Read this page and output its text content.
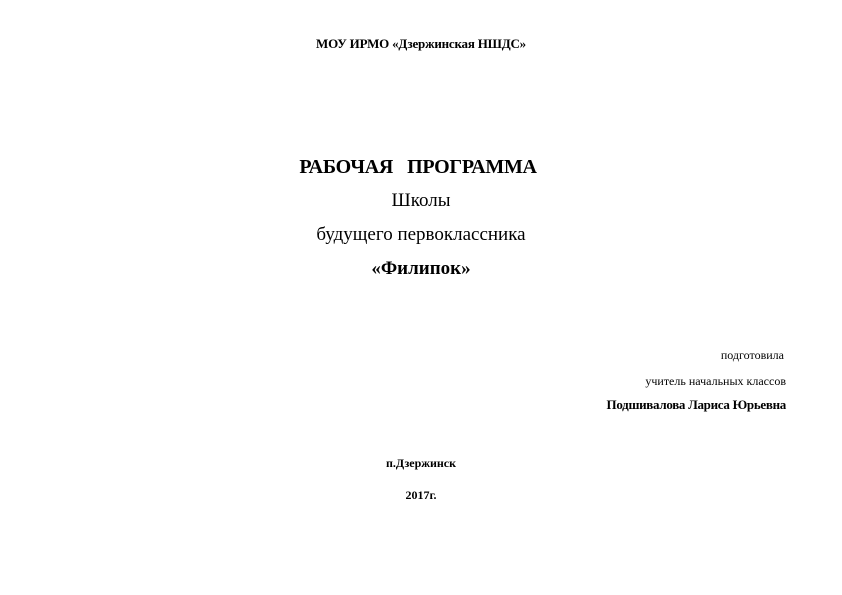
МОУ ИРМО «Дзержинская НШДС»
РАБОЧАЯ   ПРОГРАММА
Школы
будущего первоклассника
«Филипок»
подготовила
учитель начальных классов
Подшивалова Лариса Юрьевна
п.Дзержинск
2017г.
